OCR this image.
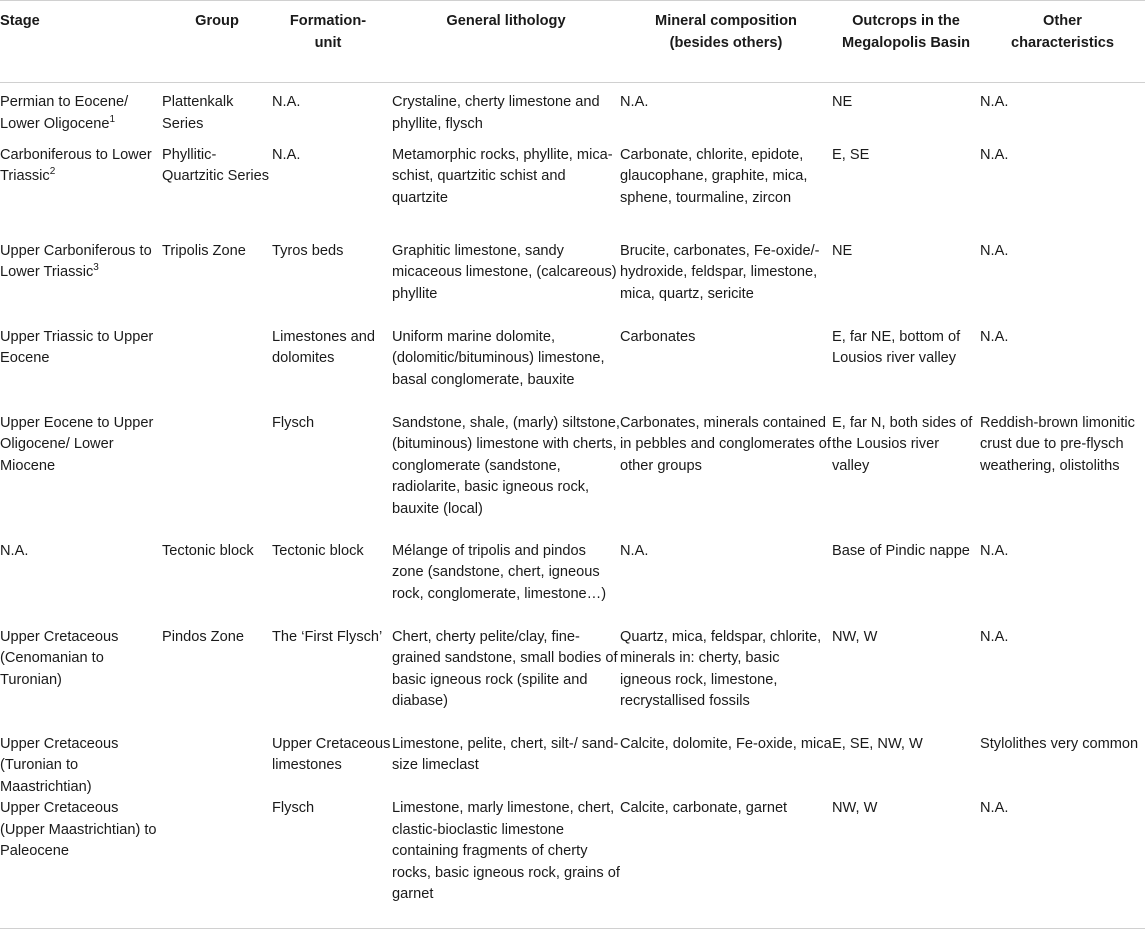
Stage	Group	Formation-unit	General lithology	Mineral composition (besides others)	Outcrops in the Megalopolis Basin	Other characteristics
Permian to Eocene/ Lower Oligocene$^1$	Plattenkalk Series	N.A.	Crystaline, cherty limestone and phyllite, flysch	N.A.	NE	N.A.
Carboniferous to Lower Triassic$^2$	Phyllitic-Quartzitic Series	N.A.	Metamorphic rocks, phyllite, mica-schist, quartzitic schist and quartzite	Carbonate, chlorite, epidote, glaucophane, graphite, mica, sphene, tourmaline, zircon	E, SE	N.A.
Upper Carboniferous to Lower Triassic$^3$	Tripolis Zone	Tyros beds	Graphitic limestone, sandy micaceous limestone, (calcareous) phyllite	Brucite, carbonates, Fe-oxide/-hydroxide, feldspar, limestone, mica, quartz, sericite	NE	N.A.
Upper Triassic to Upper Eocene		Limestones and dolomites	Uniform marine dolomite, (dolomitic/bituminous) limestone, basal conglomerate, bauxite	Carbonates	E, far NE, bottom of Lousios river valley	N.A.
Upper Eocene to Upper Oligocene/ Lower Miocene		Flysch	Sandstone, shale, (marly) siltstone, (bituminous) limestone with cherts, conglomerate (sandstone, radiolarite, basic igneous rock, bauxite (local)	Carbonates, minerals contained in pebbles and conglomerates of other groups	E, far N, both sides of the Lousios river valley	Reddish-brown limonitic crust due to pre-flysch weathering, olistoliths
N.A.	Tectonic block	Tectonic block	Mélange of tripolis and pindos zone (sandstone, chert, igneous rock, conglomerate, limestone…)	N.A.	Base of Pindic nappe	N.A.
Upper Cretaceous (Cenomanian to Turonian)	Pindos Zone	The ‘First Flysch’	Chert, cherty pelite/clay, fine-grained sandstone, small bodies of basic igneous rock (spilite and diabase)	Quartz, mica, feldspar, chlorite, minerals in: cherty, basic igneous rock, limestone, recrystallised fossils	NW, W	N.A.
Upper Cretaceous (Turonian to Maastrichtian)		Upper Cretaceous limestones	Limestone, pelite, chert, silt-/ sand-size limeclast	Calcite, dolomite, Fe-oxide, mica	E, SE, NW, W	Stylolithes very common
Upper Cretaceous (Upper Maastrichtian) to Paleocene		Flysch	Limestone, marly limestone, chert, clastic-bioclastic limestone containing fragments of cherty rocks, basic igneous rock, grains of garnet	Calcite, carbonate, garnet	NW, W	N.A.
